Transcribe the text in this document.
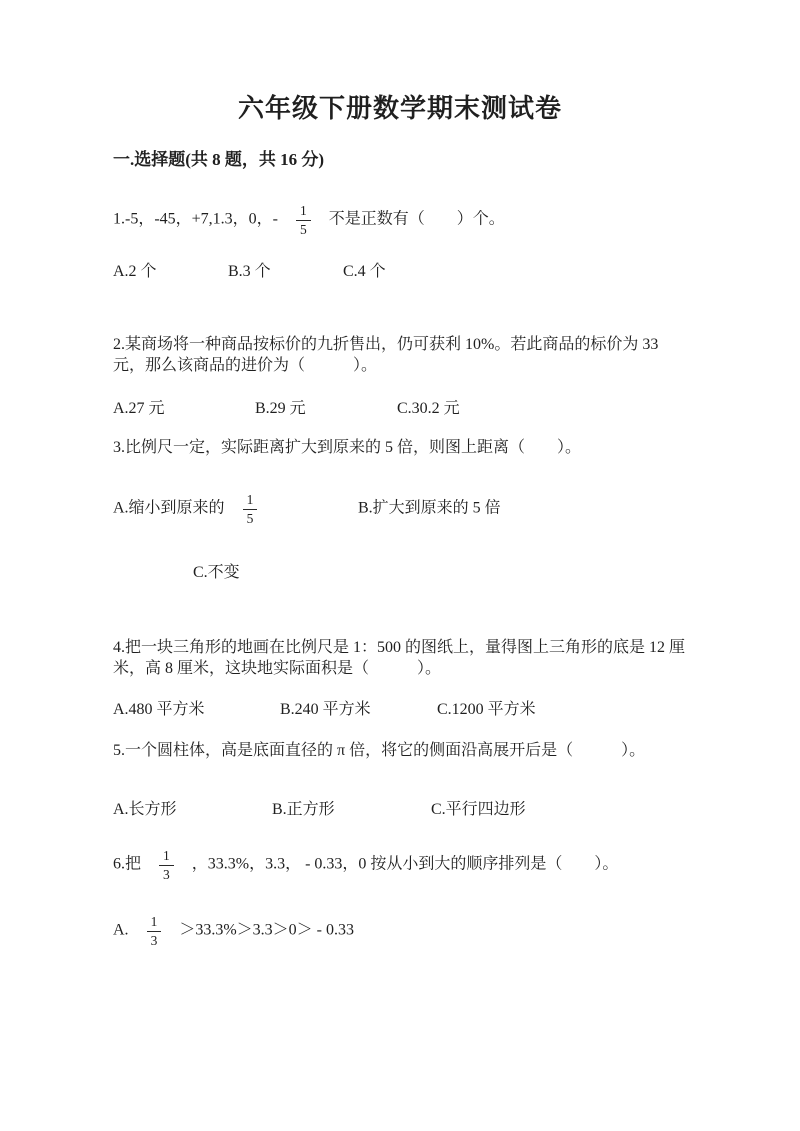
六年级下册数学期末测试卷
一.选择题(共 8 题，共 16 分)
1.-5，-45，+7,1.3，0，- $\frac{1}{5}$ 不是正数有（　　）个。
A.2 个	B.3 个	C.4 个
2.某商场将一种商品按标价的九折售出，仍可获利 10%。若此商品的标价为 33 元，那么该商品的进价为（　　　）。
A.27 元	B.29 元	C.30.2 元
3.比例尺一定，实际距离扩大到原来的 5 倍，则图上距离（　　）。
A.缩小到原来的 $\frac{1}{5}$	B.扩大到原来的 5 倍
C.不变
4.把一块三角形的地画在比例尺是 1：500 的图纸上，量得图上三角形的底是 12 厘米，高 8 厘米，这块地实际面积是（　　　）。
A.480 平方米	B.240 平方米	C.1200 平方米
5.一个圆柱体，高是底面直径的 π 倍，将它的侧面沿高展开后是（　　　）。
A.长方形	B.正方形	C.平行四边形
6.把 $\frac{1}{3}$ ，33.3%，3.3， - 0.33，0 按从小到大的顺序排列是（　　）。
A. $\frac{1}{3} >33.3\%>3.3>0> - 0.33$
